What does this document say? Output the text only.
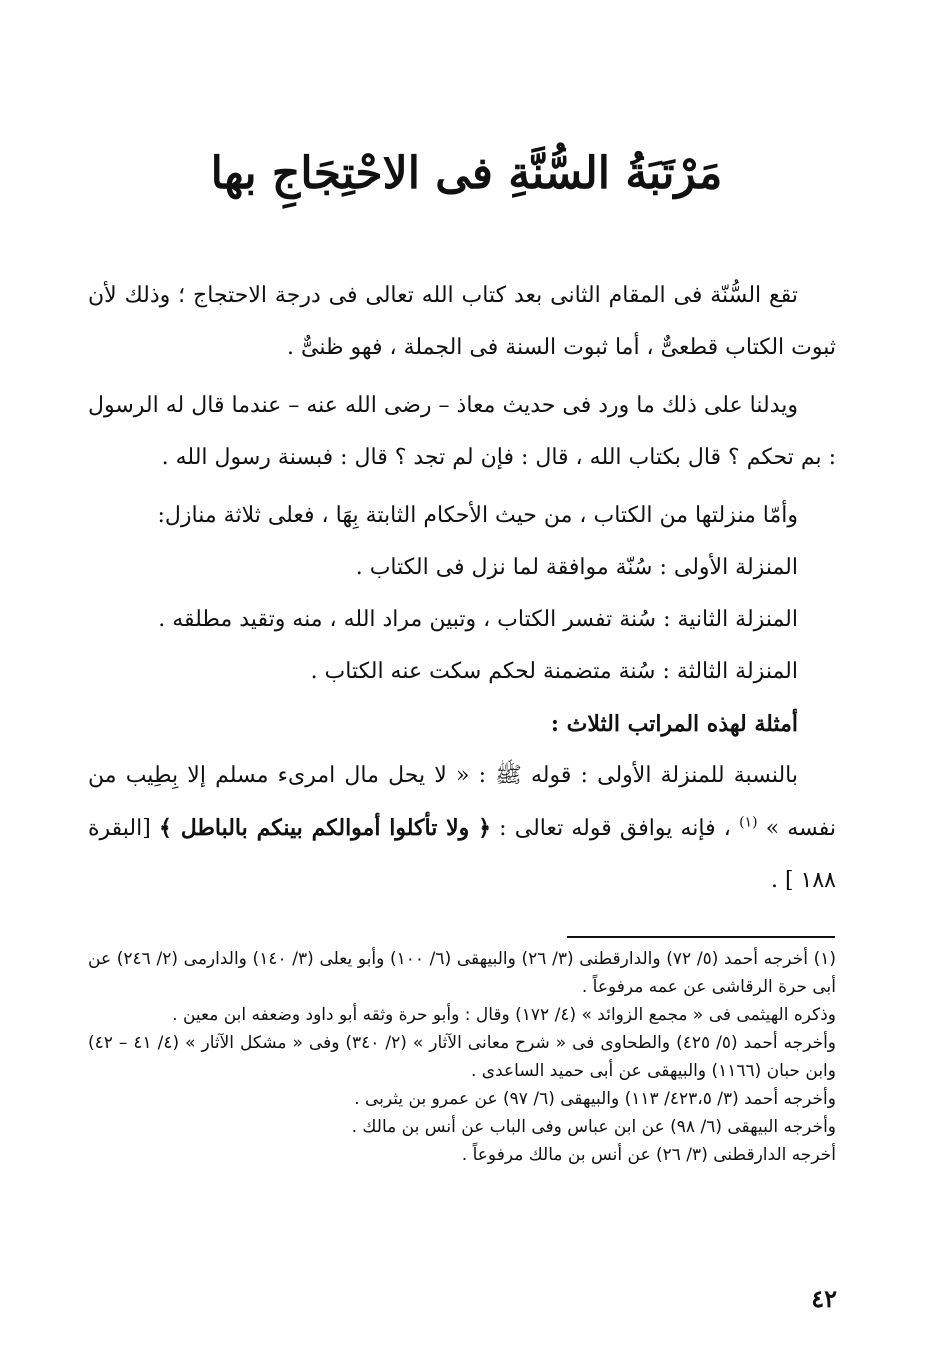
مَرْتَبَةُ السُّنَّةِ فى الاحْتِجَاجِ بها

تقع السُّنّة فى المقام الثانى بعد كتاب الله تعالى فى درجة الاحتجاج ؛ وذلك لأن ثبوت الكتاب قطعىٌّ ، أما ثبوت السنة فى الجملة ، فهو ظنىٌّ .

ويدلنا على ذلك ما ورد فى حديث معاذ – رضى الله عنه – عندما قال له الرسول : بم تحكم ؟ قال بكتاب الله ، قال : فإن لم تجد ؟ قال : فبسنة رسول الله .

وأمّا منزلتها من الكتاب ، من حيث الأحكام الثابتة بِهَا ، فعلى ثلاثة منازل:

المنزلة الأولى : سُنّة موافقة لما نزل فى الكتاب .

المنزلة الثانية : سُنة تفسر الكتاب ، وتبين مراد الله ، منه وتقيد مطلقه .

المنزلة الثالثة : سُنة متضمنة لحكم سكت عنه الكتاب .

أمثلة لهذه المراتب الثلاث :

بالنسبة للمنزلة الأولى : قوله ﷺ : « لا يحل مال امرىء مسلم إلا بِطِيب من نفسه » $^{(١)}$ ، فإنه يوافق قوله تعالى : ﴿ ولا تأكلوا أموالكم بينكم بالباطل ﴾ [البقرة ١٨٨ ] .

(١) أخرجه أحمد (٥/ ٧٢) والدارقطنى (٣/ ٢٦) والبيهقى (٦/ ١٠٠) وأبو يعلى (٣/ ١٤٠) والدارمى (٢/ ٢٤٦) عن أبى حرة الرقاشى عن عمه مرفوعاً .

وذكره الهيثمى فى « مجمع الزوائد » (٤/ ١٧٢) وقال : وأبو حرة وثقه أبو داود وضعفه ابن معين .

وأخرجه أحمد (٥/ ٤٢٥) والطحاوى فى « شرح معانى الآثار » (٢/ ٣٤٠) وفى « مشكل الآثار » (٤/ ٤١ – ٤٢) وابن حبان (١١٦٦) والبيهقى عن أبى حميد الساعدى .

وأخرجه أحمد (٣/ ٤٢٣،٥/ ١١٣) والبيهقى (٦/ ٩٧) عن عمرو بن يثربى .

وأخرجه البيهقى (٦/ ٩٨) عن ابن عباس وفى الباب عن أنس بن مالك .

أخرجه الدارقطنى (٣/ ٢٦) عن أنس بن مالك مرفوعاً .

٤٢
